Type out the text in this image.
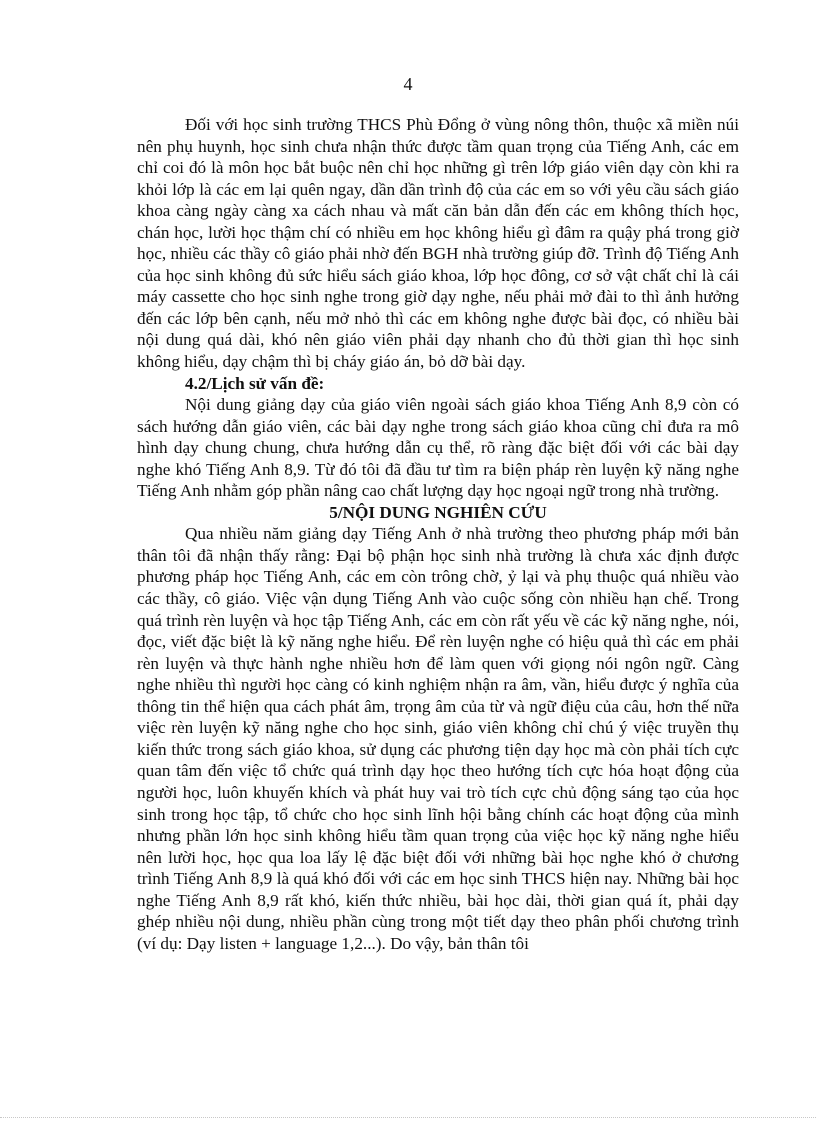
4

Đối với học sinh trường THCS Phù Đổng ở vùng nông thôn, thuộc xã miền núi nên phụ huynh, học sinh chưa nhận thức được tầm quan trọng của Tiếng Anh, các em chỉ coi đó là môn học bắt buộc nên chỉ học những gì trên lớp giáo viên dạy còn khi ra khỏi lớp là các em lại quên ngay, dần dần trình độ của các em so với yêu cầu sách giáo khoa càng ngày càng xa cách nhau và mất căn bản dẫn đến các em không thích học, chán học, lười học thậm chí có nhiều em học không hiểu gì đâm ra quậy phá trong giờ học, nhiều các thầy cô giáo phải nhờ đến BGH nhà trường giúp đỡ. Trình độ Tiếng Anh của học sinh không đủ sức hiểu sách giáo khoa, lớp học đông, cơ sở vật chất chỉ là cái máy cassette cho học sinh nghe trong giờ dạy nghe, nếu phải mở đài to thì ảnh hưởng đến các lớp bên cạnh, nếu mở nhỏ thì các em không nghe được bài đọc, có nhiều bài nội dung quá dài, khó nên giáo viên phải dạy nhanh cho đủ thời gian thì học sinh không hiểu, dạy chậm thì bị cháy giáo án, bỏ dỡ bài dạy.

4.2/Lịch sử vấn đề:

Nội dung giảng dạy của giáo viên ngoài sách giáo khoa Tiếng Anh 8,9 còn có sách hướng dẫn giáo viên, các bài dạy nghe trong sách giáo khoa cũng chỉ đưa ra mô hình dạy chung chung, chưa hướng dẫn cụ thể, rõ ràng đặc biệt đối với các bài dạy nghe khó Tiếng Anh 8,9. Từ đó tôi đã đầu tư tìm ra biện pháp rèn luyện kỹ năng nghe Tiếng Anh nhằm góp phần nâng cao chất lượng dạy học ngoại ngữ trong nhà trường.

5/NỘI DUNG NGHIÊN CỨU

Qua nhiều năm giảng dạy Tiếng Anh ở nhà trường theo phương pháp mới bản thân tôi đã nhận thấy rằng: Đại bộ phận học sinh nhà trường là chưa xác định được phương pháp học Tiếng Anh, các em còn trông chờ, ỷ lại và phụ thuộc quá nhiều vào các thầy, cô giáo. Việc vận dụng Tiếng Anh vào cuộc sống còn nhiều hạn chế. Trong quá trình rèn luyện và học tập Tiếng Anh, các em còn rất yếu về các kỹ năng nghe, nói, đọc, viết đặc biệt là kỹ năng nghe hiểu. Để rèn luyện nghe có hiệu quả thì các em phải rèn luyện và thực hành nghe nhiều hơn để làm quen với giọng nói ngôn ngữ. Càng nghe nhiều thì người học càng có kinh nghiệm nhận ra âm, vần, hiểu được ý nghĩa của thông tin thể hiện qua cách phát âm, trọng âm của từ và ngữ điệu của câu, hơn thế nữa việc rèn luyện kỹ năng nghe cho học sinh, giáo viên không chỉ chú ý việc truyền thụ kiến thức trong sách giáo khoa, sử dụng các phương tiện dạy học mà còn phải tích cực quan tâm đến việc tổ chức quá trình dạy học theo hướng tích cực hóa hoạt động của người học, luôn khuyến khích và phát huy vai trò tích cực chủ động sáng tạo của học sinh trong học tập, tổ chức cho học sinh lĩnh hội bằng chính các hoạt động của mình nhưng phần lớn học sinh không hiểu tầm quan trọng của việc học kỹ năng nghe hiểu nên lười học, học qua loa lấy lệ đặc biệt đối với những bài học nghe khó ở chương trình Tiếng Anh 8,9 là quá khó đối với các em học sinh THCS hiện nay. Những bài học nghe Tiếng Anh 8,9 rất khó, kiến thức nhiều, bài học dài, thời gian quá ít, phải dạy ghép nhiều nội dung, nhiều phần cùng trong một tiết dạy theo phân phối chương trình (ví dụ: Dạy listen + language 1,2...). Do vậy, bản thân tôi
